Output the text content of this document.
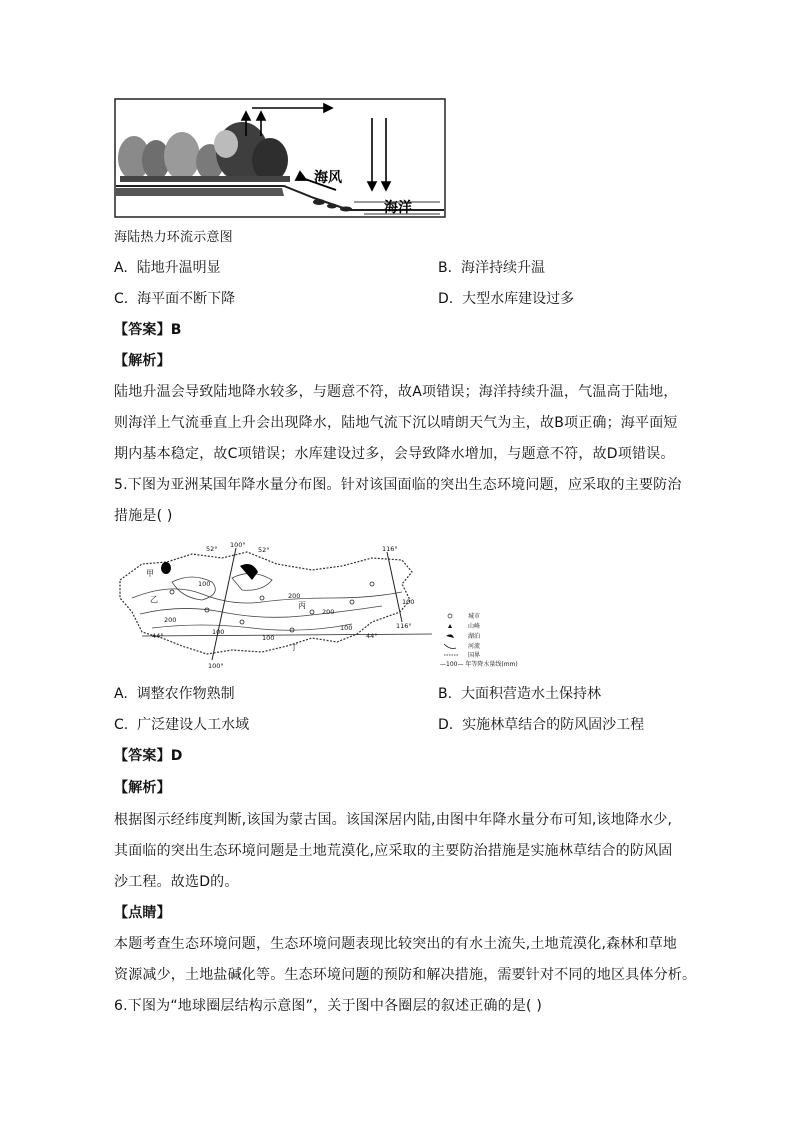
海风
海洋
海陆热力环流示意图
A. 陆地升温明显	B. 海洋持续升温
C. 海平面不断下降	D. 大型水库建设过多
【答案】B
【解析】
陆地升温会导致陆地降水较多，与题意不符，故A项错误；海洋持续升温，气温高于陆地，
则海洋上气流垂直上升会出现降水，陆地气流下沉以晴朗天气为主，故B项正确；海平面短
期内基本稳定，故C项错误；水库建设过多，会导致降水增加，与题意不符，故D项错误。
5.下图为亚洲某国年降水量分布图。针对该国面临的突出生态环境问题，应采取的主要防治
措施是( )
52° 100°
52°	116°
100°
116°
44°	44°
200
100
100
200
100
100
100
200
甲
乙
丙
丁
城市
山峰
湖泊
河流
国界
—100— 年等降水量线(mm)
A. 调整农作物熟制	B. 大面积营造水土保持林
C. 广泛建设人工水域	D. 实施林草结合的防风固沙工程
【答案】D
【解析】
根据图示经纬度判断,该国为蒙古国。该国深居内陆,由图中年降水量分布可知,该地降水少,
其面临的突出生态环境问题是土地荒漠化,应采取的主要防治措施是实施林草结合的防风固
沙工程。故选D的。
【点睛】
本题考查生态环境问题，生态环境问题表现比较突出的有水土流失,土地荒漠化,森林和草地
资源减少，土地盐碱化等。生态环境问题的预防和解决措施，需要针对不同的地区具体分析。
6.下图为“地球圈层结构示意图”，关于图中各圈层的叙述正确的是( )
